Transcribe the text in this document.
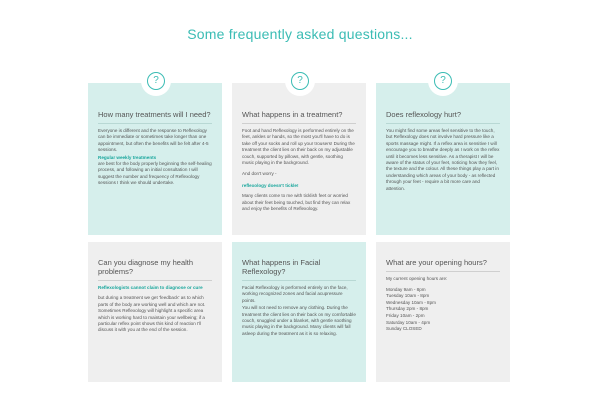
Some frequently asked questions...
How many treatments will I need?

Everyone is different and the response to Reflexology can be immediate or sometimes take longer than one appointment, but often the benefits will be felt after 4-5 sessions.

Regular weekly treatments

are best for the body properly beginning the self-healing process, and following an initial consultation I will suggest the number and frequency of Reflexology sessions I think we should undertake.

What happens in a treatment?

Foot and hand Reflexology is performed entirely on the feet, ankles or hands, so the most you'll have to do is take off your socks and roll up your trousers! During the treatment the client lies on their back on my adjustable couch, supported by pillows, with gentle, soothing music playing in the background.

And don't worry -

reflexology doesn't tickle!

Many clients come to me with ticklish feet or worried about their feet being touched, but find they can relax and enjoy the benefits of Reflexology.

Does reflexology hurt?

You might find some areas feel sensitive to the touch, but Reflexology does not involve hard pressure like a sports massage might. If a reflex area is sensitive I will encourage you to breathe deeply as I work on the reflex until it becomes less sensitive. As a therapist I will be aware of the status of your feet, noticing how they feel, the texture and the colour. All these things play a part in understanding which areas of your body - as reflected through your feet - require a bit more care and attention.

Can you diagnose my health problems?

Reflexologists cannot claim to diagnose or cure

but during a treatment we get 'feedback' as to which parts of the body are working well and which are not. Sometimes Reflexology will highlight a specific area which is working hard to maintain your wellbeing; if a particular reflex point shows this kind of reaction I'll discuss it with you at the end of the session.

What happens in Facial Reflexology?

Facial Reflexology is performed entirely on the face, working recognized zones and facial acupressure points.

You will not need to remove any clothing. During the treatment the client lies on their back on my comfortable couch, snuggled under a blanket, with gentle soothing music playing in the background. Many clients will fall asleep during the treatment as it is so relaxing.

What are your opening hours?

My current opening hours are:

Monday 9am - 8pm

Tuesday 10am - 8pm

Wednesday 10am - 8pm

Thursday 2pm - 8pm

Friday 10am - 2pm

Saturday 10am - 4pm

Sunday CLOSED

?	?	?
